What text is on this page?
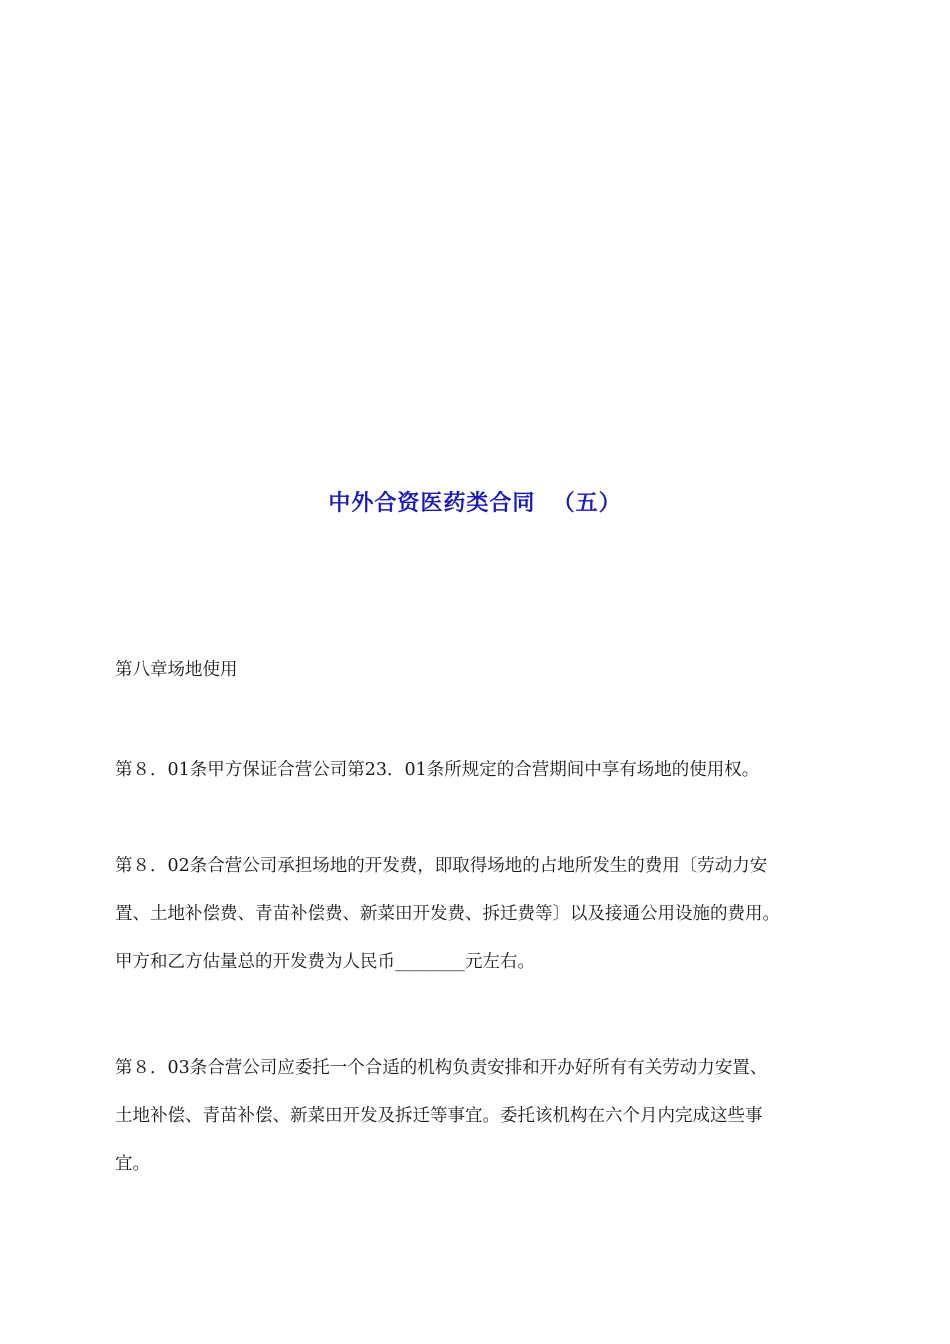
中外合资医药类合同  （五）

第八章场地使用

第８．01条甲方保证合营公司第23．01条所规定的合营期间中享有场地的使用权。

第８．02条合营公司承担场地的开发费，即取得场地的占地所发生的费用〔劳动力安
置、土地补偿费、青苗补偿费、新菜田开发费、拆迁费等〕以及接通公用设施的费用。
甲方和乙方估量总的开发费为人民币________元左右。

第８．03条合营公司应委托一个合适的机构负责安排和开办好所有有关劳动力安置、
土地补偿、青苗补偿、新菜田开发及拆迁等事宜。委托该机构在六个月内完成这些事
宜。
